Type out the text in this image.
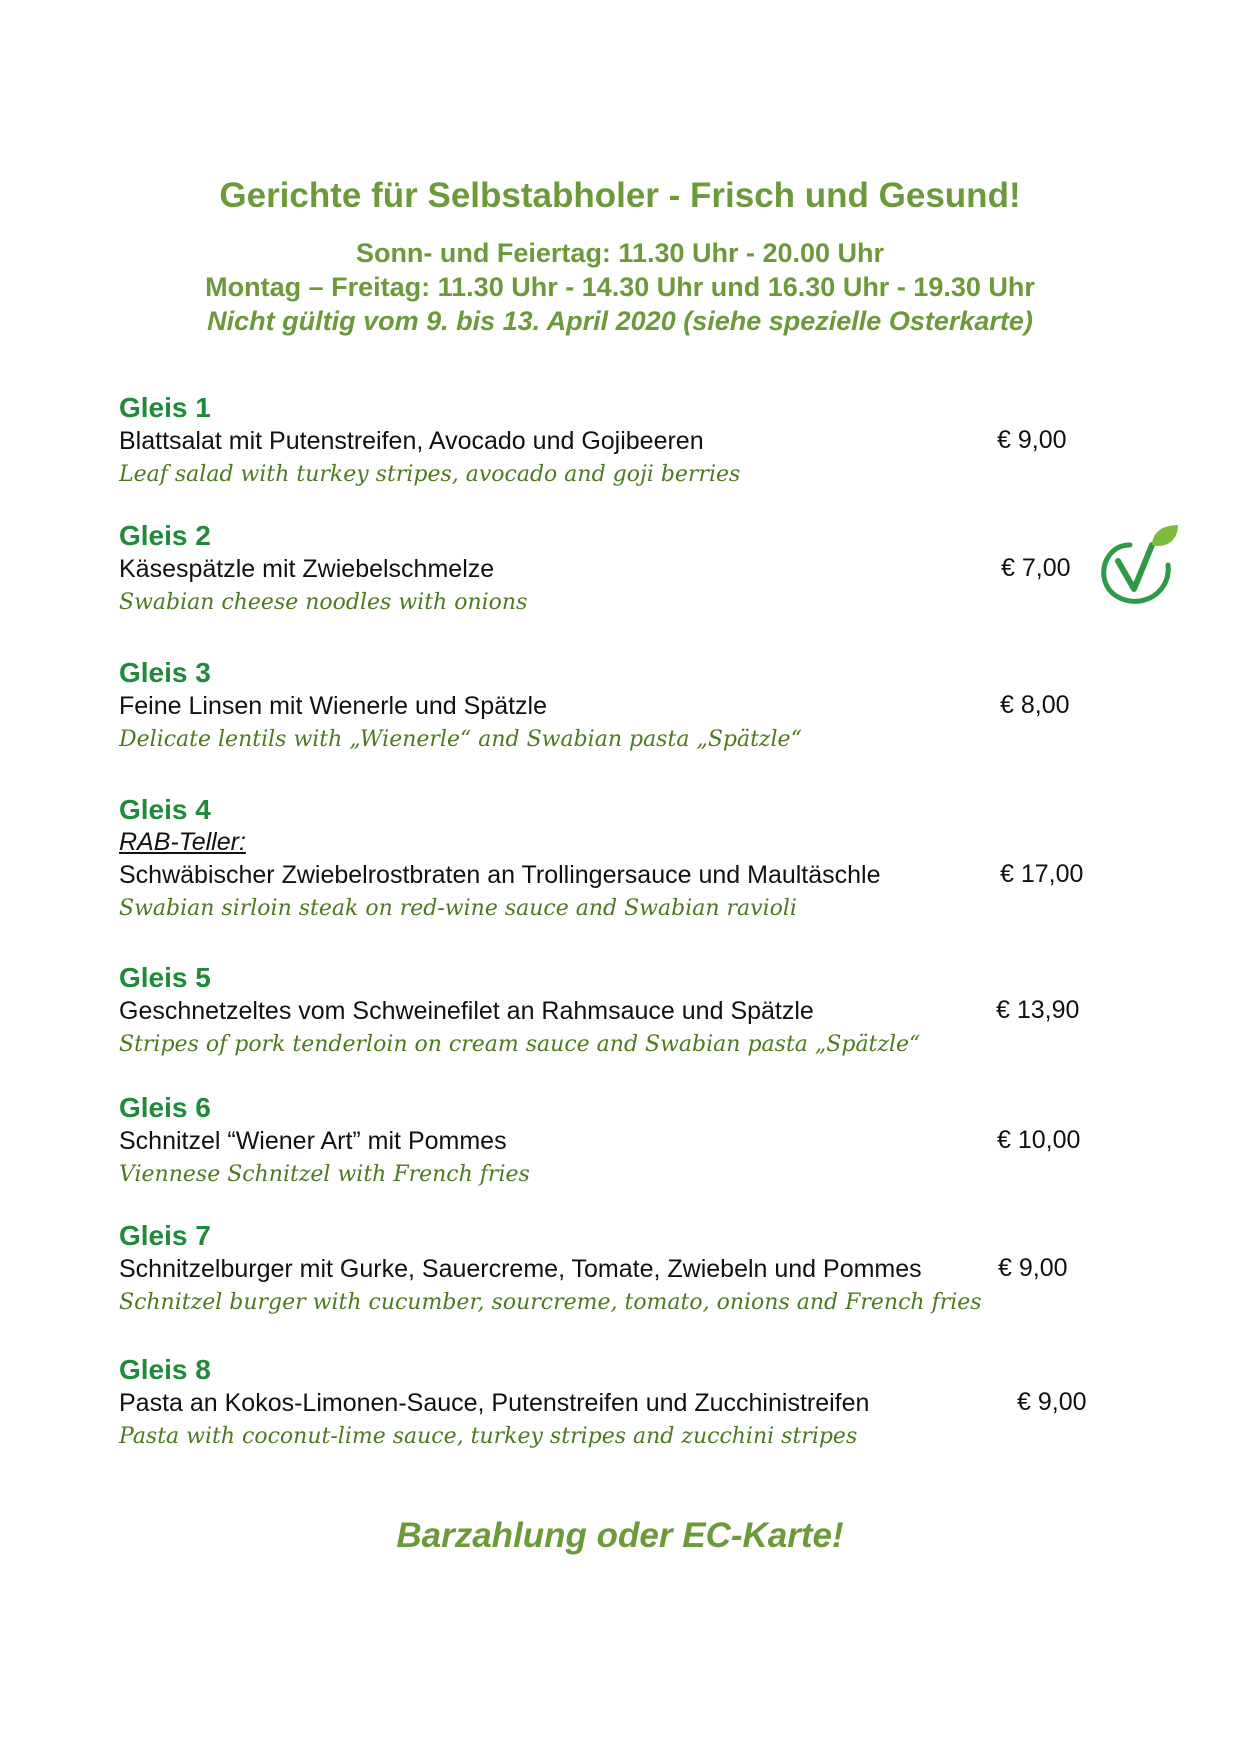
Gerichte für Selbstabholer - Frisch und Gesund!
Sonn- und Feiertag: 11.30 Uhr - 20.00 Uhr
Montag – Freitag: 11.30 Uhr - 14.30 Uhr und 16.30 Uhr - 19.30 Uhr
Nicht gültig vom 9. bis 13. April 2020 (siehe spezielle Osterkarte)
Gleis 1
Blattsalat mit Putenstreifen, Avocado und Gojibeeren
Leaf salad with turkey stripes, avocado and goji berries
€ 9,00
Gleis 2
Käsespätzle mit Zwiebelschmelze
Swabian cheese noodles with onions
€ 7,00
Gleis 3
Feine Linsen mit Wienerle und Spätzle
Delicate lentils with „Wienerle“ and Swabian pasta „Spätzle“
€ 8,00
Gleis 4
RAB-Teller:
Schwäbischer Zwiebelrostbraten an Trollingersauce und Maultäschle
Swabian sirloin steak on red-wine sauce and Swabian ravioli
€ 17,00
Gleis 5
Geschnetzeltes vom Schweinefilet an Rahmsauce und Spätzle
Stripes of pork tenderloin on cream sauce and Swabian pasta „Spätzle“
€ 13,90
Gleis 6
Schnitzel “Wiener Art” mit Pommes
Viennese Schnitzel with French fries
€ 10,00
Gleis 7
Schnitzelburger mit Gurke, Sauercreme, Tomate, Zwiebeln und Pommes
Schnitzel burger with cucumber, sourcreme, tomato, onions and French fries
€ 9,00
Gleis 8
Pasta an Kokos-Limonen-Sauce, Putenstreifen und Zucchinistreifen
Pasta with coconut-lime sauce, turkey stripes and zucchini stripes
€ 9,00
Barzahlung oder EC-Karte!
